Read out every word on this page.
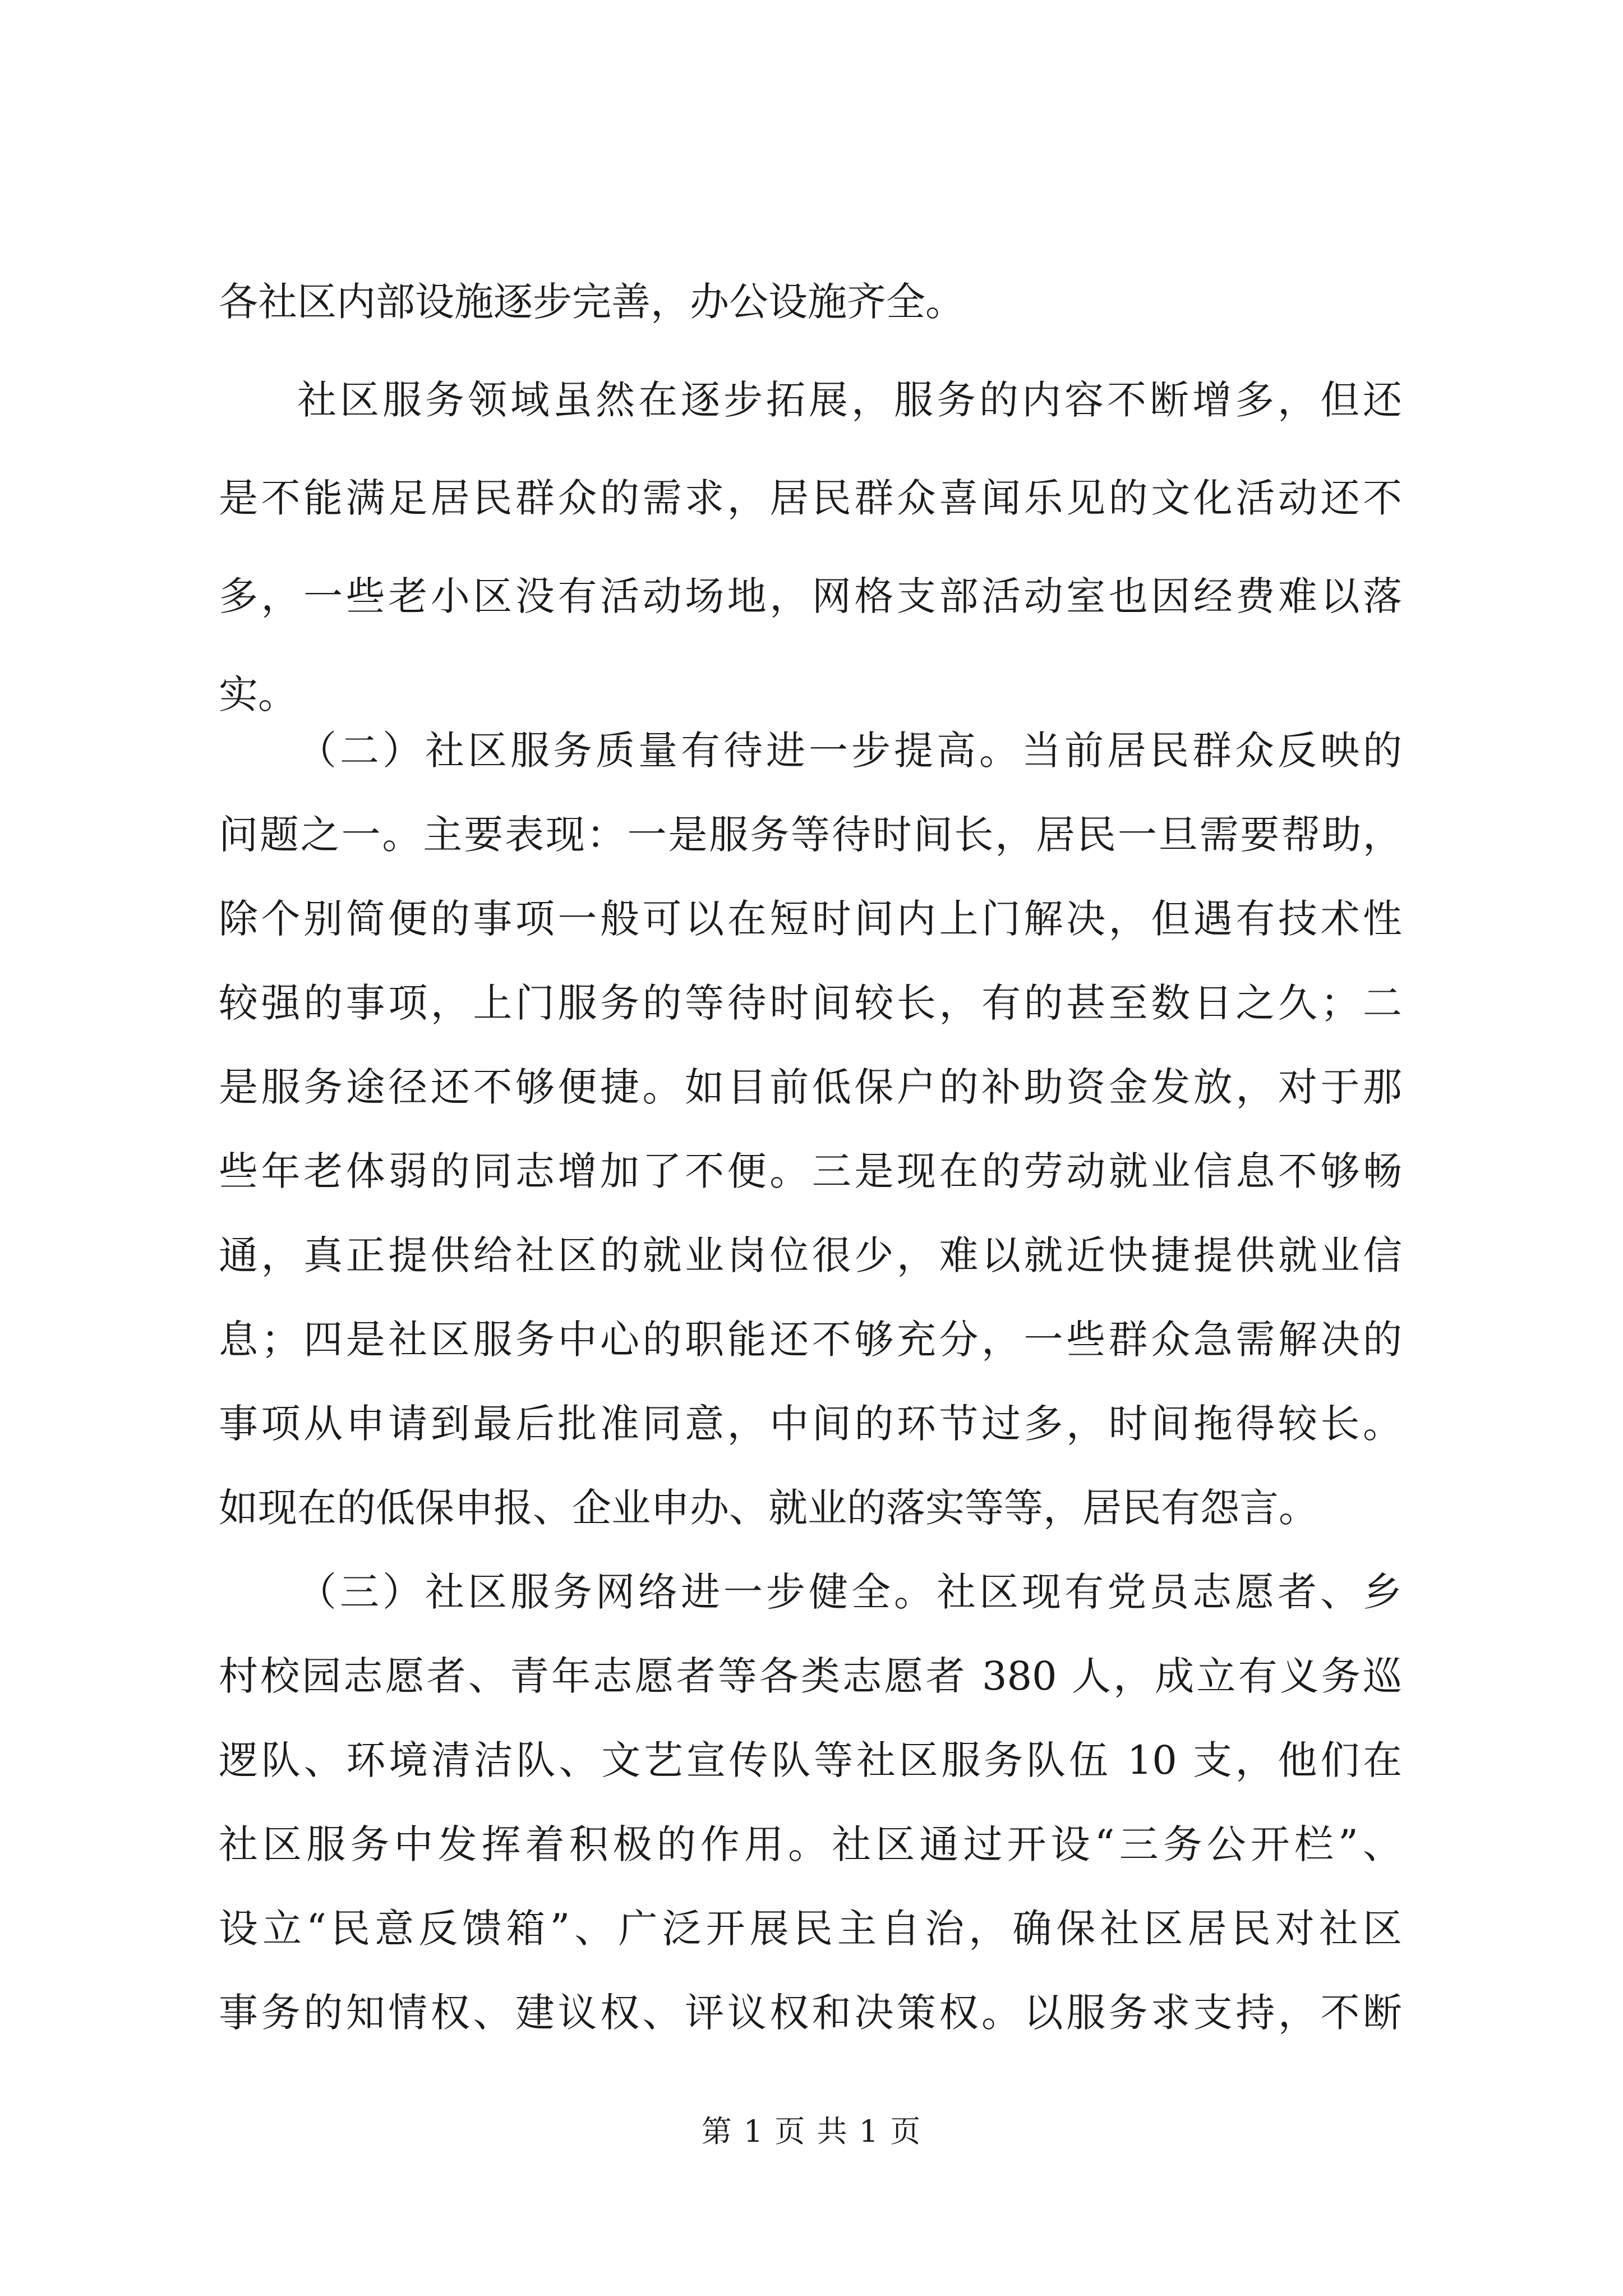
各社区内部设施逐步完善，办公设施齐全。
社区服务领域虽然在逐步拓展，服务的内容不断增多，但还
是不能满足居民群众的需求，居民群众喜闻乐见的文化活动还不
多，一些老小区没有活动场地，网格支部活动室也因经费难以落
实。
（二）社区服务质量有待进一步提高。当前居民群众反映的
问题之一。主要表现：一是服务等待时间长，居民一旦需要帮助，
除个别简便的事项一般可以在短时间内上门解决，但遇有技术性
较强的事项，上门服务的等待时间较长，有的甚至数日之久；二
是服务途径还不够便捷。如目前低保户的补助资金发放，对于那
些年老体弱的同志增加了不便。三是现在的劳动就业信息不够畅
通，真正提供给社区的就业岗位很少，难以就近快捷提供就业信
息；四是社区服务中心的职能还不够充分，一些群众急需解决的
事项从申请到最后批准同意，中间的环节过多，时间拖得较长。
如现在的低保申报、企业申办、就业的落实等等，居民有怨言。
（三）社区服务网络进一步健全。社区现有党员志愿者、乡
村校园志愿者、青年志愿者等各类志愿者 380 人，成立有义务巡
逻队、环境清洁队、文艺宣传队等社区服务队伍 10 支，他们在
社区服务中发挥着积极的作用。社区通过开设“三务公开栏”、
设立“民意反馈箱”、广泛开展民主自治，确保社区居民对社区
事务的知情权、建议权、评议权和决策权。以服务求支持，不断
第 1 页 共 1 页
